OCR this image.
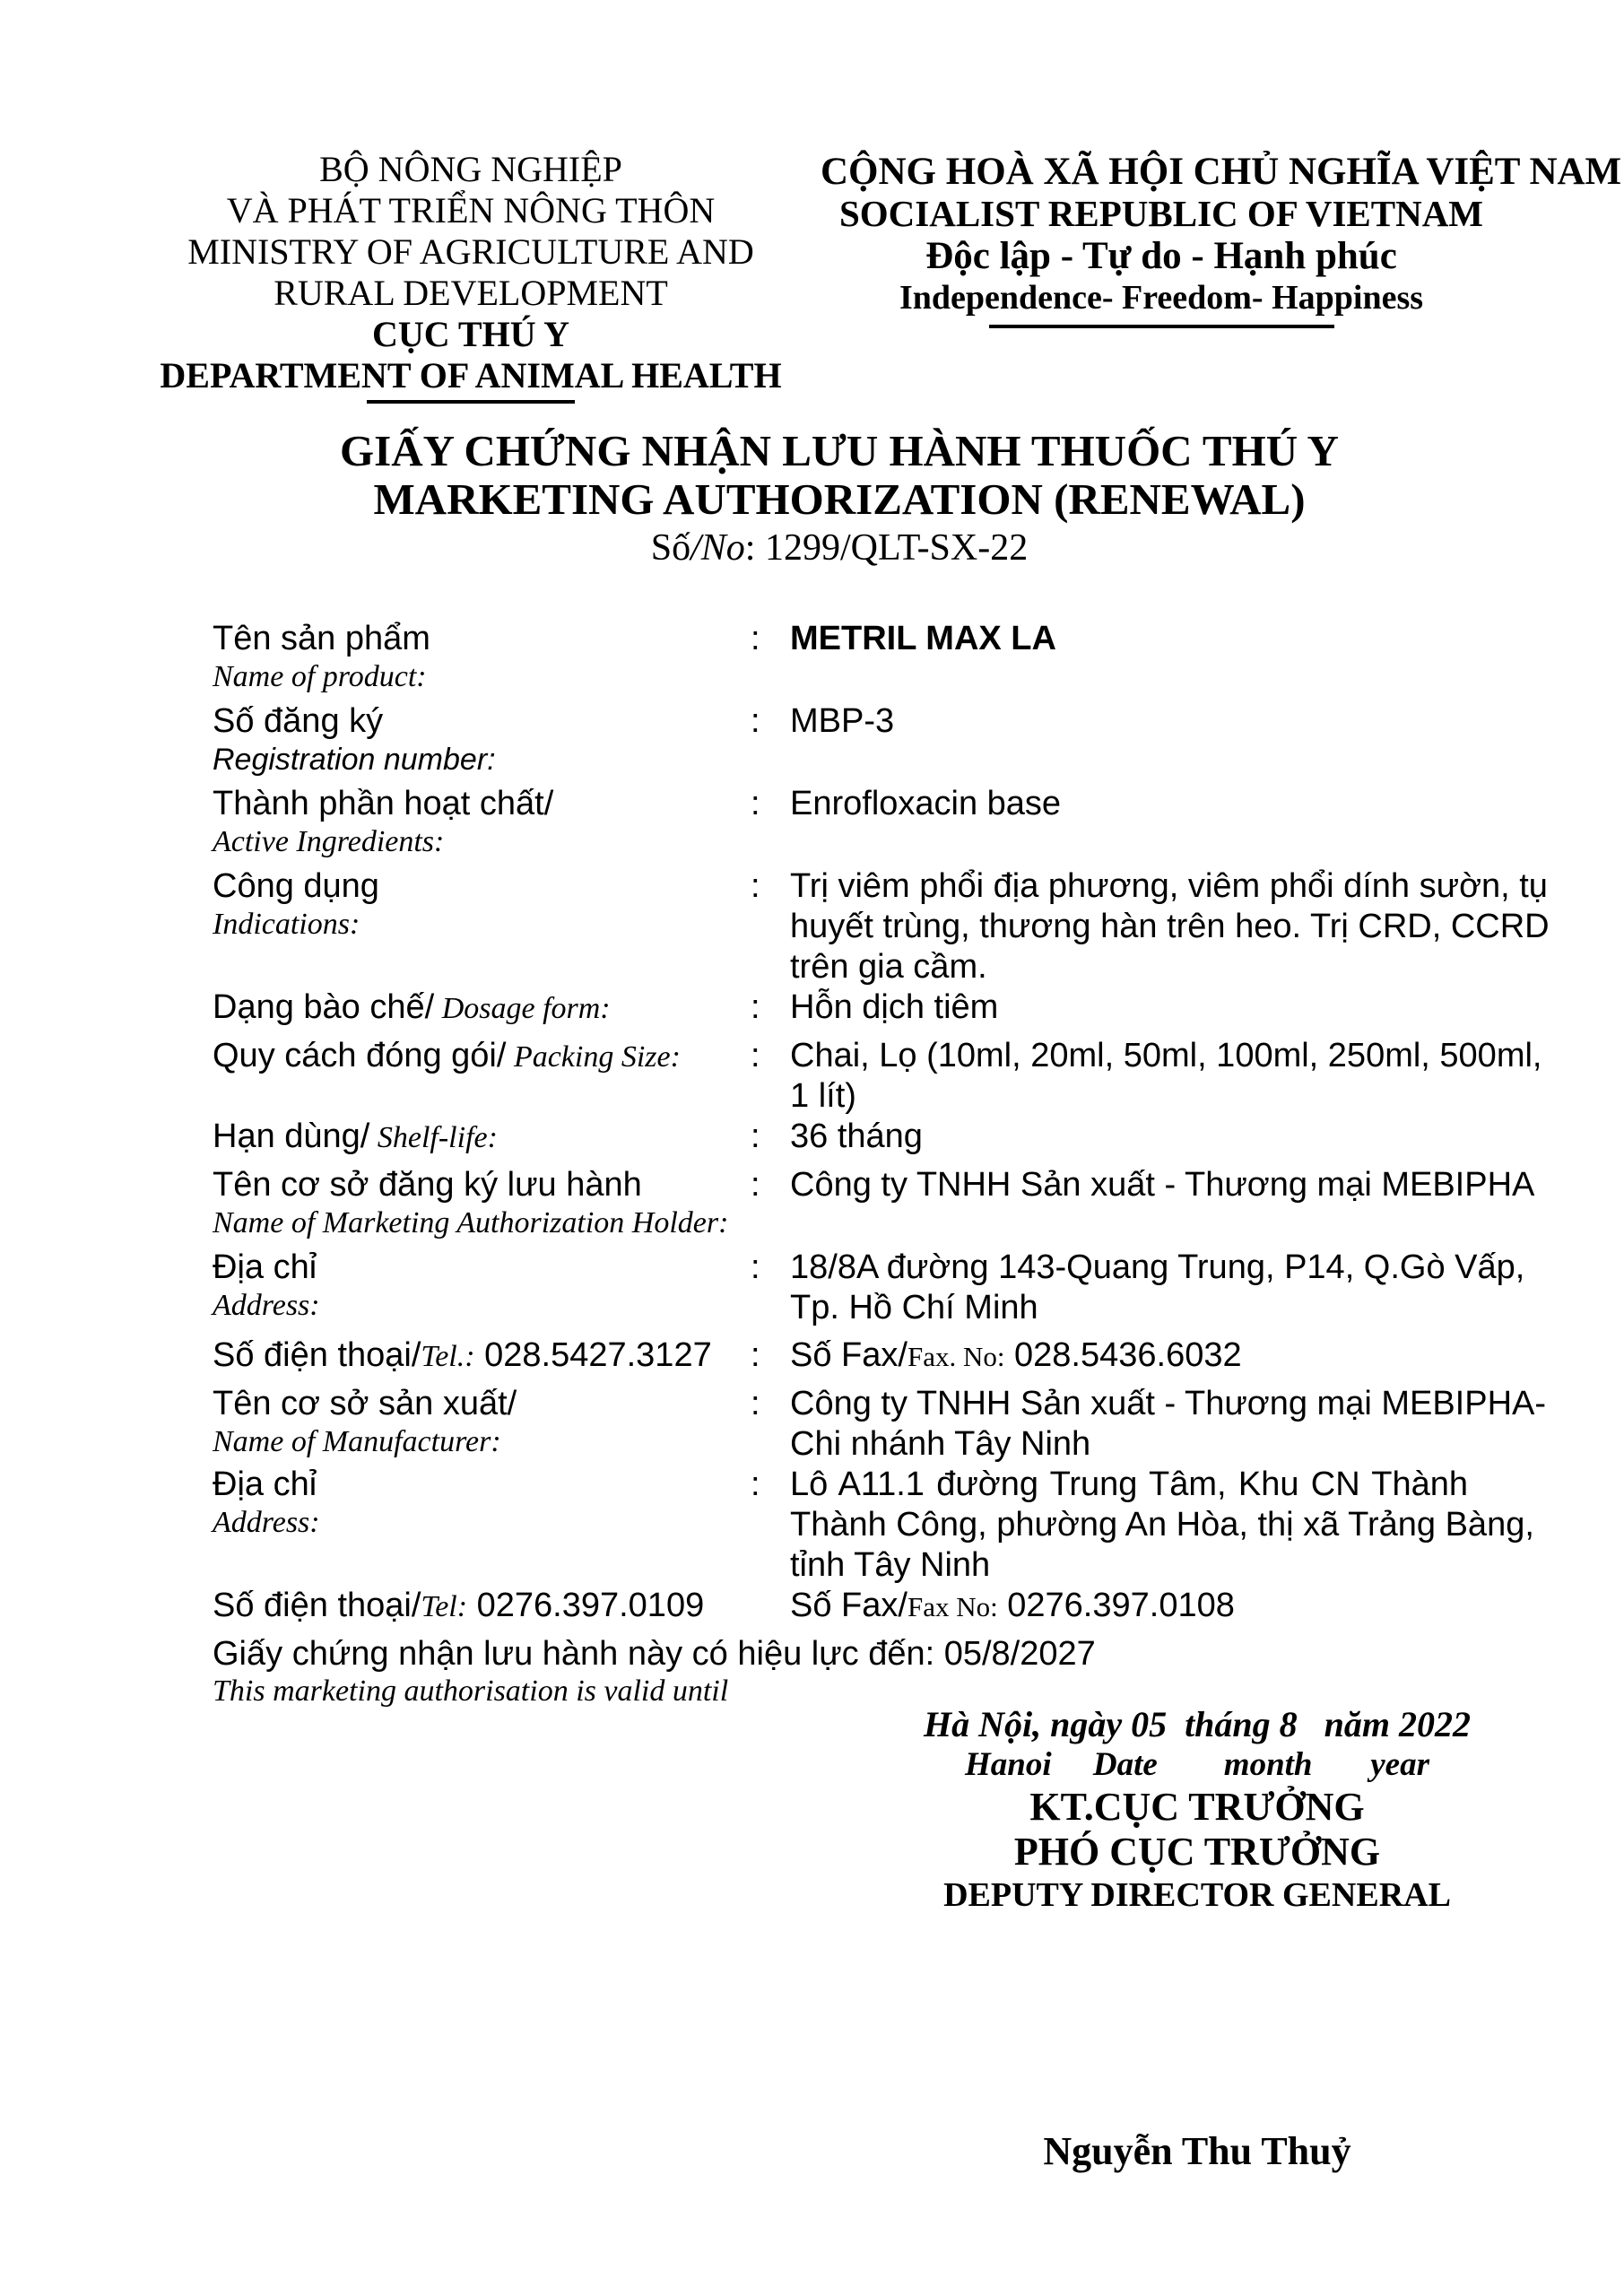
BỘ NÔNG NGHIỆP
VÀ PHÁT TRIỂN NÔNG THÔN
MINISTRY OF AGRICULTURE AND
RURAL DEVELOPMENT
CỤC THÚ Y
DEPARTMENT OF ANIMAL HEALTH
CỘNG HOÀ XÃ HỘI CHỦ NGHĨA VIỆT NAM
SOCIALIST REPUBLIC OF VIETNAM
Độc lập - Tự do - Hạnh phúc
Independence- Freedom- Happiness
GIẤY CHỨNG NHẬN LƯU HÀNH THUỐC THÚ Y
MARKETING AUTHORIZATION (RENEWAL)
Số/No: 1299/QLT-SX-22
Tên sản phẩm
Name of product:
: METRIL MAX LA
Số đăng ký
Registration number:
: MBP-3
Thành phần hoạt chất/
Active Ingredients:
: Enrofloxacin base
Công dụng
Indications:
: Trị viêm phổi địa phương, viêm phổi dính sườn, tụ
huyết trùng, thương hàn trên heo. Trị CRD, CCRD
trên gia cầm.
Dạng bào chế/ Dosage form:	: Hỗn dịch tiêm
Quy cách đóng gói/ Packing Size:	: Chai, Lọ (10ml, 20ml, 50ml, 100ml, 250ml, 500ml,
1 lít)
Hạn dùng/ Shelf-life:	: 36 tháng
Tên cơ sở đăng ký lưu hành
Name of Marketing Authorization Holder:
: Công ty TNHH Sản xuất - Thương mại MEBIPHA
Địa chỉ
Address:
: 18/8A đường 143-Quang Trung, P14, Q.Gò Vấp,
Tp. Hồ Chí Minh
Số điện thoại/Tel.: 028.5427.3127	: Số Fax/Fax. No: 028.5436.6032
Tên cơ sở sản xuất/
Name of Manufacturer:
: Công ty TNHH Sản xuất - Thương mại MEBIPHA-
Chi nhánh Tây Ninh
Địa chỉ
Address:
: Lô A11.1 đường Trung Tâm, Khu CN Thành
Thành Công, phường An Hòa, thị xã Trảng Bàng,
tỉnh Tây Ninh
Số điện thoại/Tel: 0276.397.0109	Số Fax/Fax No: 0276.397.0108
Giấy chứng nhận lưu hành này có hiệu lực đến: 05/8/2027
This marketing authorisation is valid until
Hà Nội, ngày 05  tháng 8   năm 2022
Hanoi     Date        month       year
KT.CỤC TRƯỞNG
PHÓ CỤC TRƯỞNG
DEPUTY DIRECTOR GENERAL
Nguyễn Thu Thuỷ
